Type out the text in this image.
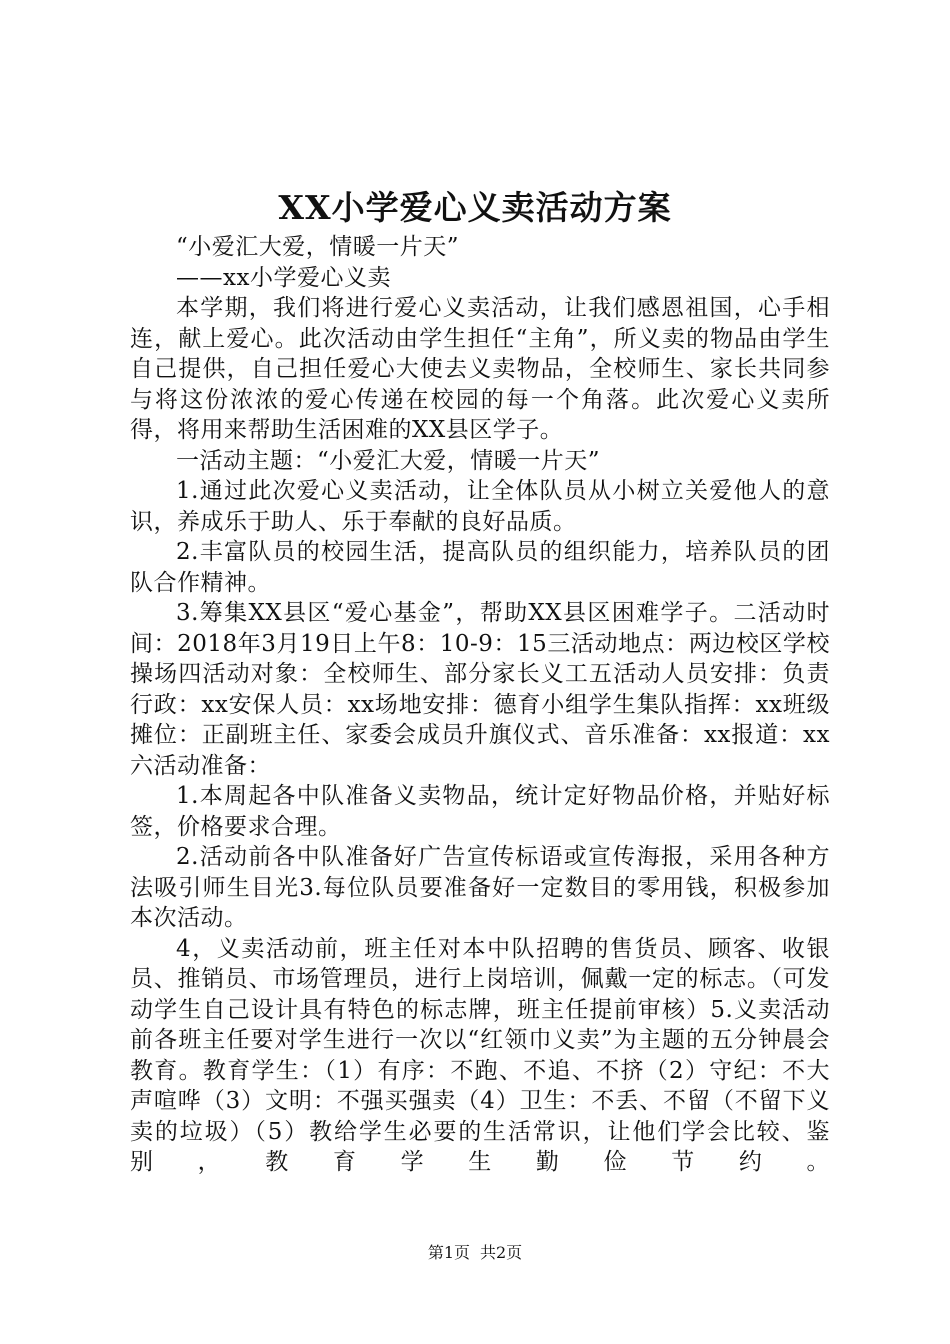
XX小学爱心义卖活动方案

“小爱汇大爱，情暖一片天”

——xx小学爱心义卖

本学期，我们将进行爱心义卖活动，让我们感恩祖国，心手相连，献上爱心。此次活动由学生担任“主角”，所义卖的物品由学生自己提供，自己担任爱心大使去义卖物品，全校师生、家长共同参与将这份浓浓的爱心传递在校园的每一个角落。此次爱心义卖所得，将用来帮助生活困难的XX县区学子。

一活动主题：“小爱汇大爱，情暖一片天”

1.通过此次爱心义卖活动，让全体队员从小树立关爱他人的意识，养成乐于助人、乐于奉献的良好品质。

2.丰富队员的校园生活，提高队员的组织能力，培养队员的团队合作精神。

3.筹集XX县区“爱心基金”，帮助XX县区困难学子。二活动时间：2018年3月19日上午8：10-9：15三活动地点：两边校区学校操场四活动对象：全校师生、部分家长义工五活动人员安排：负责行政：xx安保人员：xx场地安排：德育小组学生集队指挥：xx班级摊位：正副班主任、家委会成员升旗仪式、音乐准备：xx报道：xx六活动准备：

1.本周起各中队准备义卖物品，统计定好物品价格，并贴好标签，价格要求合理。

2.活动前各中队准备好广告宣传标语或宣传海报，采用各种方法吸引师生目光3.每位队员要准备好一定数目的零用钱，积极参加本次活动。

4，义卖活动前，班主任对本中队招聘的售货员、顾客、收银员、推销员、市场管理员，进行上岗培训，佩戴一定的标志。（可发动学生自己设计具有特色的标志牌，班主任提前审核）5.义卖活动前各班主任要对学生进行一次以“红领巾义卖”为主题的五分钟晨会教育。教育学生：（1）有序：不跑、不追、不挤（2）守纪：不大声喧哗（3）文明：不强买强卖（4）卫生：不丢、不留（不留下义卖的垃圾）（5）教给学生必要的生活常识，让他们学会比较、鉴别，教育学生勤俭节约。

第1页 共2页
